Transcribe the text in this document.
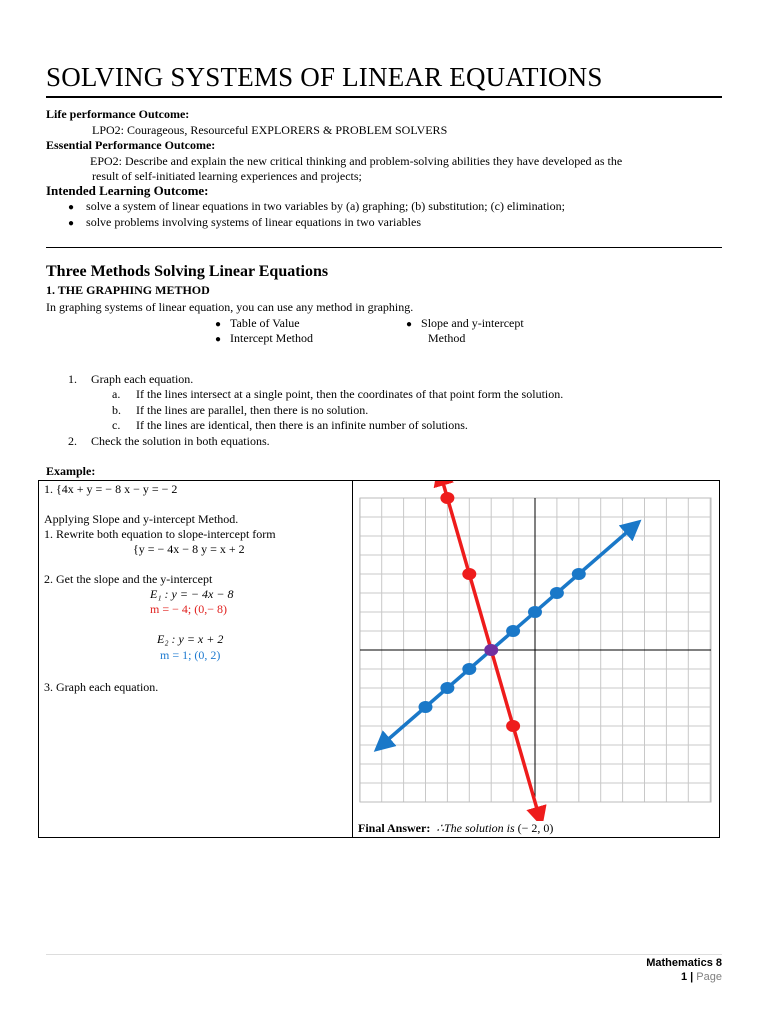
SOLVING SYSTEMS OF LINEAR EQUATIONS
Life performance Outcome:
LPO2: Courageous, Resourceful EXPLORERS & PROBLEM SOLVERS
Essential Performance Outcome:
EPO2: Describe and explain the new critical thinking and problem-solving abilities they have developed as the
result of self-initiated learning experiences and projects;
Intended Learning Outcome:
● solve a system of linear equations in two variables by (a) graphing; (b) substitution; (c) elimination;
● solve problems involving systems of linear equations in two variables
Three Methods Solving Linear Equations
1. THE GRAPHING METHOD
In graphing systems of linear equation, you can use any method in graphing.
● Table of Value
● Intercept Method
● Slope and y-intercept
Method
1. Graph each equation.
a. If the lines intersect at a single point, then the coordinates of that point form the solution.
b. If the lines are parallel, then there is no solution.
c. If the lines are identical, then there is an infinite number of solutions.
2. Check the solution in both equations.
Example:
1. {4x + y = − 8 x − y = − 2
Applying Slope and y-intercept Method.
1. Rewrite both equation to slope-intercept form
{y = − 4x − 8 y = x + 2
2. Get the slope and the y-intercept
E₁ : y = − 4x − 8
m = − 4; (0,− 8)
E₂ : y = x + 2
m = 1; (0, 2)
3. Graph each equation.
Final Answer: ∴The solution is (− 2, 0)
Mathematics 8
1 | Page
